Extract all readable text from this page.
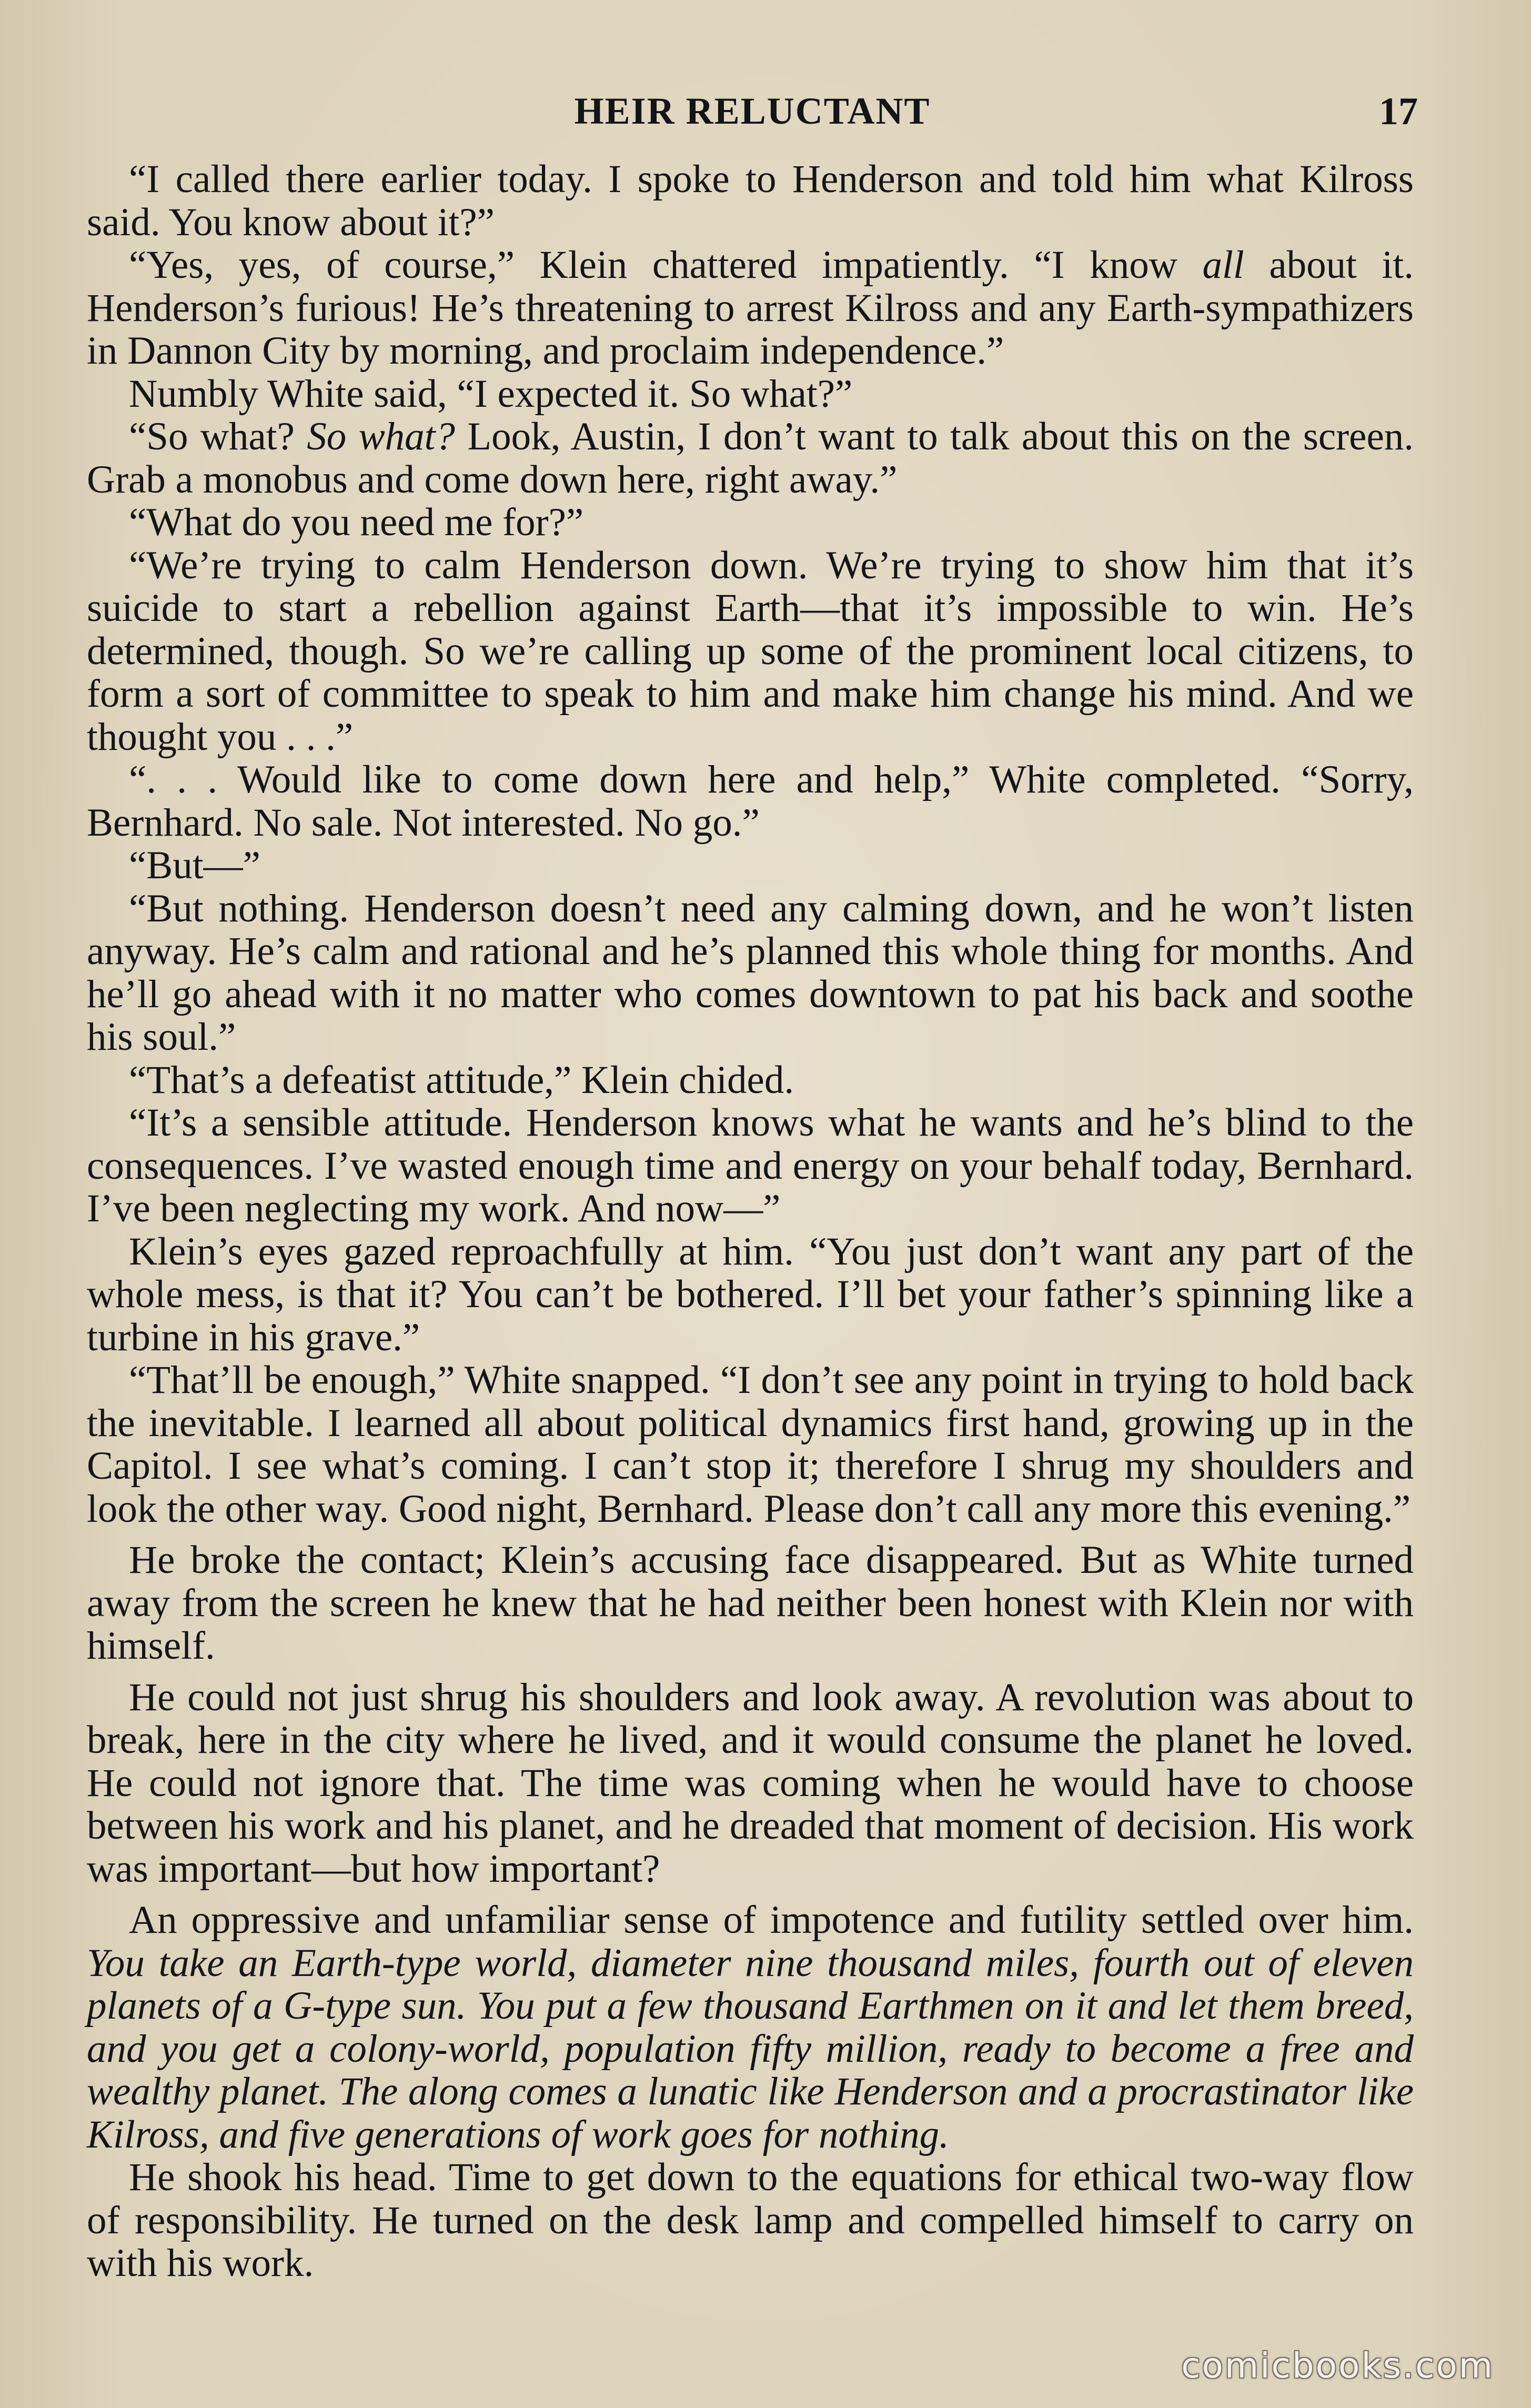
HEIR RELUCTANT	17

“I called there earlier today. I spoke to Henderson and told him what Kilross said. You know about it?”

“Yes, yes, of course,” Klein chattered impatiently. “I know all about it. Henderson’s furious! He’s threatening to arrest Kilross and any Earth-sympathizers in Dannon City by morning, and proclaim independence.”

Numbly White said, “I expected it. So what?”

“So what? So what? Look, Austin, I don’t want to talk about this on the screen. Grab a monobus and come down here, right away.”

“What do you need me for?”

“We’re trying to calm Henderson down. We’re trying to show him that it’s suicide to start a rebellion against Earth—that it’s impossible to win. He’s determined, though. So we’re calling up some of the prominent local citizens, to form a sort of committee to speak to him and make him change his mind. And we thought you . . .”

“. . . Would like to come down here and help,” White completed. “Sorry, Bernhard. No sale. Not interested. No go.”

“But—”

“But nothing. Henderson doesn’t need any calming down, and he won’t listen anyway. He’s calm and rational and he’s planned this whole thing for months. And he’ll go ahead with it no matter who comes downtown to pat his back and soothe his soul.”

“That’s a defeatist attitude,” Klein chided.

“It’s a sensible attitude. Henderson knows what he wants and he’s blind to the consequences. I’ve wasted enough time and energy on your behalf today, Bernhard. I’ve been neglecting my work. And now—”

Klein’s eyes gazed reproachfully at him. “You just don’t want any part of the whole mess, is that it? You can’t be bothered. I’ll bet your father’s spinning like a turbine in his grave.”

“That’ll be enough,” White snapped. “I don’t see any point in trying to hold back the inevitable. I learned all about political dynamics first hand, growing up in the Capitol. I see what’s coming. I can’t stop it; therefore I shrug my shoulders and look the other way. Good night, Bernhard. Please don’t call any more this evening.”

He broke the contact; Klein’s accusing face disappeared. But as White turned away from the screen he knew that he had neither been honest with Klein nor with himself.

He could not just shrug his shoulders and look away. A revolution was about to break, here in the city where he lived, and it would consume the planet he loved. He could not ignore that. The time was coming when he would have to choose between his work and his planet, and he dreaded that moment of decision. His work was important—but how important?

An oppressive and unfamiliar sense of impotence and futility settled over him. You take an Earth-type world, diameter nine thousand miles, fourth out of eleven planets of a G-type sun. You put a few thousand Earthmen on it and let them breed, and you get a colony-world, population fifty million, ready to become a free and wealthy planet. The along comes a lunatic like Henderson and a procrastinator like Kilross, and five generations of work goes for nothing.

He shook his head. Time to get down to the equations for ethical two-way flow of responsibility. He turned on the desk lamp and compelled himself to carry on with his work.

comicbooks.com
